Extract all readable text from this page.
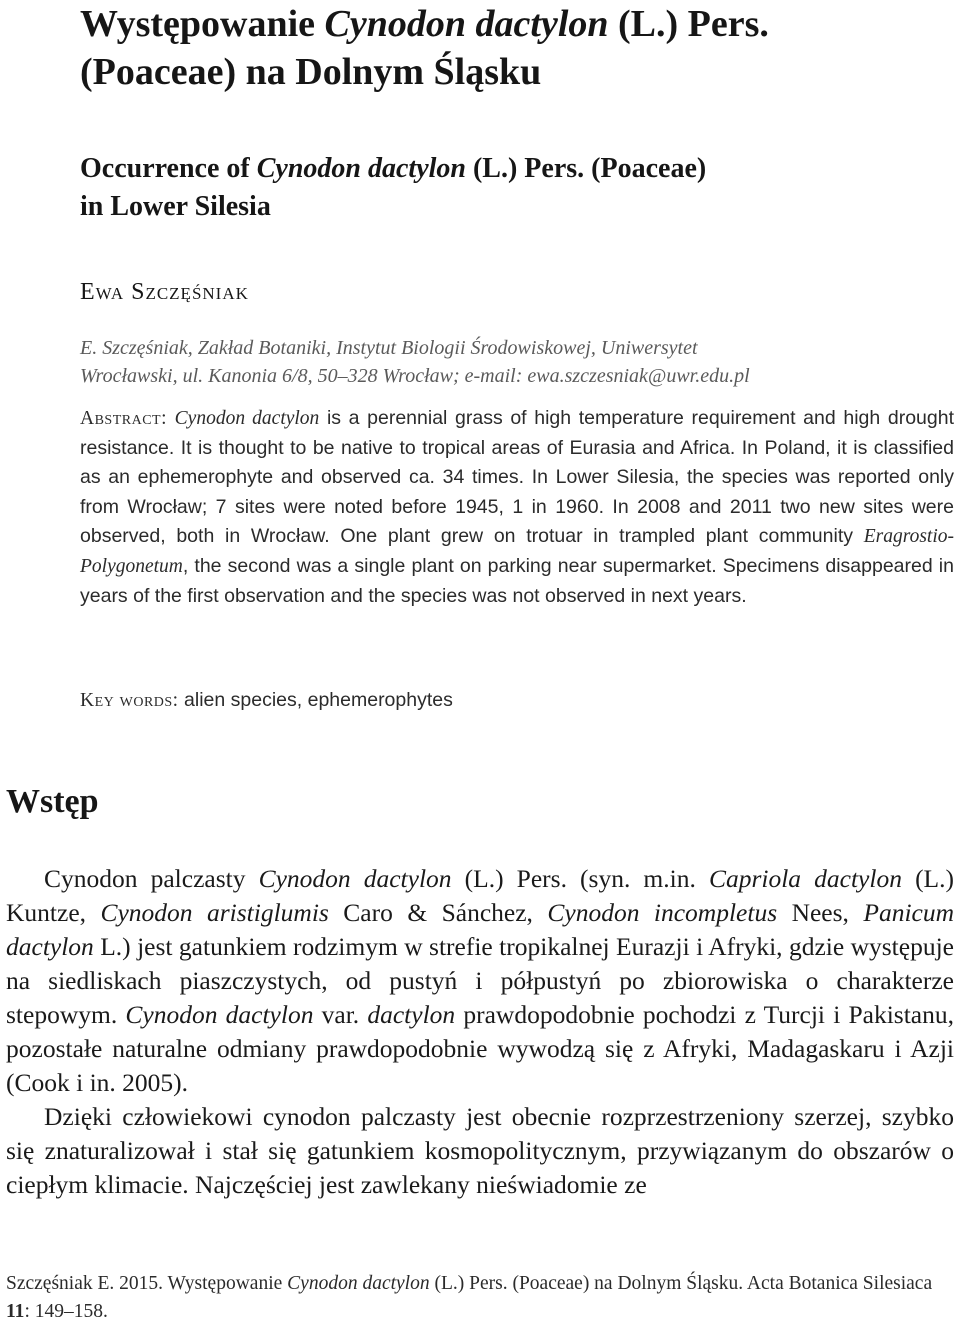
Występowanie Cynodon dactylon (L.) Pers.
(Poaceae) na Dolnym Śląsku
Occurrence of Cynodon dactylon (L.) Pers. (Poaceae)
in Lower Silesia
Ewa Szczęśniak
E. Szczęśniak, Zakład Botaniki, Instytut Biologii Środowiskowej, Uniwersytet
Wrocławski, ul. Kanonia 6/8, 50–328 Wrocław; e-mail: ewa.szczesniak@uwr.edu.pl
Abstract: Cynodon dactylon is a perennial grass of high temperature requirement and high drought resistance. It is thought to be native to tropical areas of Eurasia and Africa. In Poland, it is classified as an ephemerophyte and observed ca. 34 times. In Lower Silesia, the species was reported only from Wrocław; 7 sites were noted before 1945, 1 in 1960. In 2008 and 2011 two new sites were observed, both in Wrocław. One plant grew on trotuar in trampled plant community Eragrostio-Polygonetum, the second was a single plant on parking near supermarket. Specimens disappeared in years of the first observation and the species was not observed in next years.
Key words: alien species, ephemerophytes
Wstęp

Cynodon palczasty Cynodon dactylon (L.) Pers. (syn. m.in. Capriola dactylon (L.) Kuntze, Cynodon aristiglumis Caro & Sánchez, Cynodon incompletus Nees, Panicum dactylon L.) jest gatunkiem rodzimym w strefie tropikalnej Eurazji i Afryki, gdzie występuje na siedliskach piaszczystych, od pustyń i półpustyń po zbiorowiska o charakterze stepowym. Cynodon dactylon var. dactylon prawdopodobnie pochodzi z Turcji i Pakistanu, pozostałe naturalne odmiany prawdopodobnie wywodzą się z Afryki, Madagaskaru i Azji (Cook i in. 2005).

Dzięki człowiekowi cynodon palczasty jest obecnie rozprzestrzeniony szerzej, szybko się znaturalizował i stał się gatunkiem kosmopolitycznym, przywiązanym do obszarów o ciepłym klimacie. Najczęściej jest zawlekany nieświadomie ze

Szczęśniak E. 2015. Występowanie Cynodon dactylon (L.) Pers. (Poaceae) na Dolnym Śląsku. Acta Botanica Silesiaca 11: 149–158.
